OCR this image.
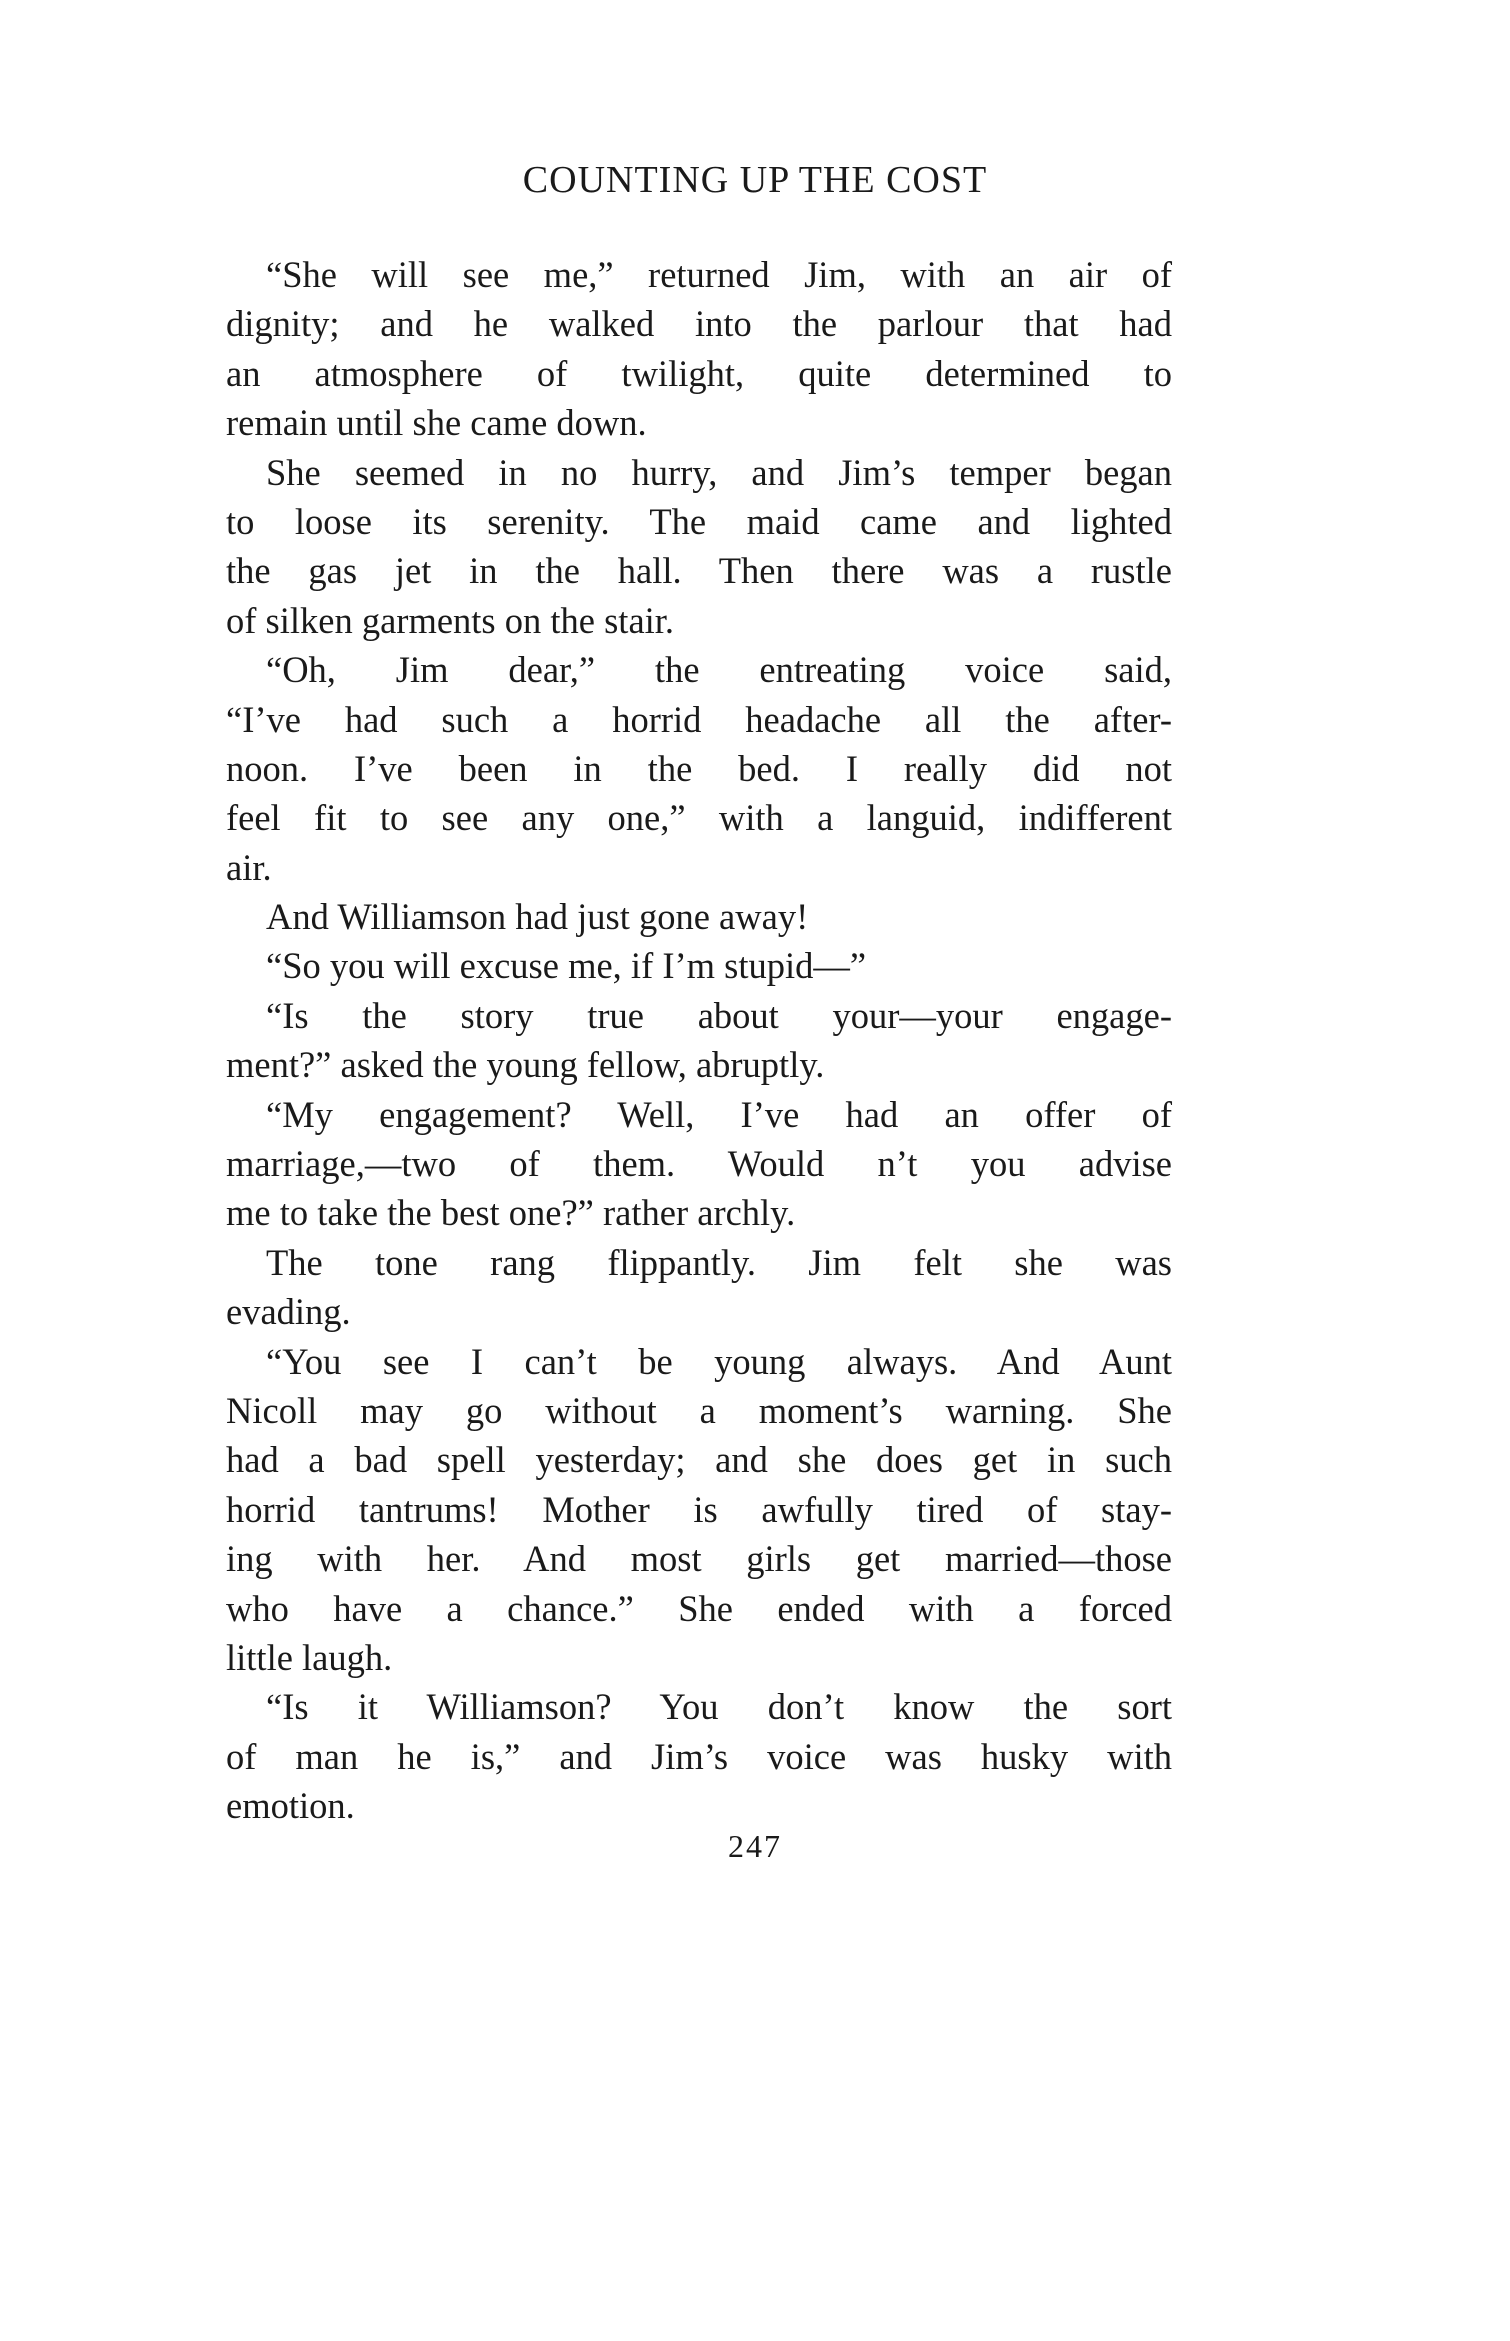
COUNTING UP THE COST
“She will see me,” returned Jim, with an air of
dignity; and he walked into the parlour that had
an atmosphere of twilight, quite determined to
remain until she came down.
She seemed in no hurry, and Jim’s temper began
to loose its serenity. The maid came and lighted
the gas jet in the hall. Then there was a rustle
of silken garments on the stair.
“Oh, Jim dear,” the entreating voice said,
“I’ve had such a horrid headache all the after-
noon. I’ve been in the bed. I really did not
feel fit to see any one,” with a languid, indifferent
air.
And Williamson had just gone away!
“So you will excuse me, if I’m stupid—”
“Is the story true about your—your engage-
ment?” asked the young fellow, abruptly.
“My engagement? Well, I’ve had an offer of
marriage,—two of them. Would n’t you advise
me to take the best one?” rather archly.
The tone rang flippantly. Jim felt she was
evading.
“You see I can’t be young always. And Aunt
Nicoll may go without a moment’s warning. She
had a bad spell yesterday; and she does get in such
horrid tantrums! Mother is awfully tired of stay-
ing with her. And most girls get married—those
who have a chance.” She ended with a forced
little laugh.
“Is it Williamson? You don’t know the sort
of man he is,” and Jim’s voice was husky with
emotion.
247
